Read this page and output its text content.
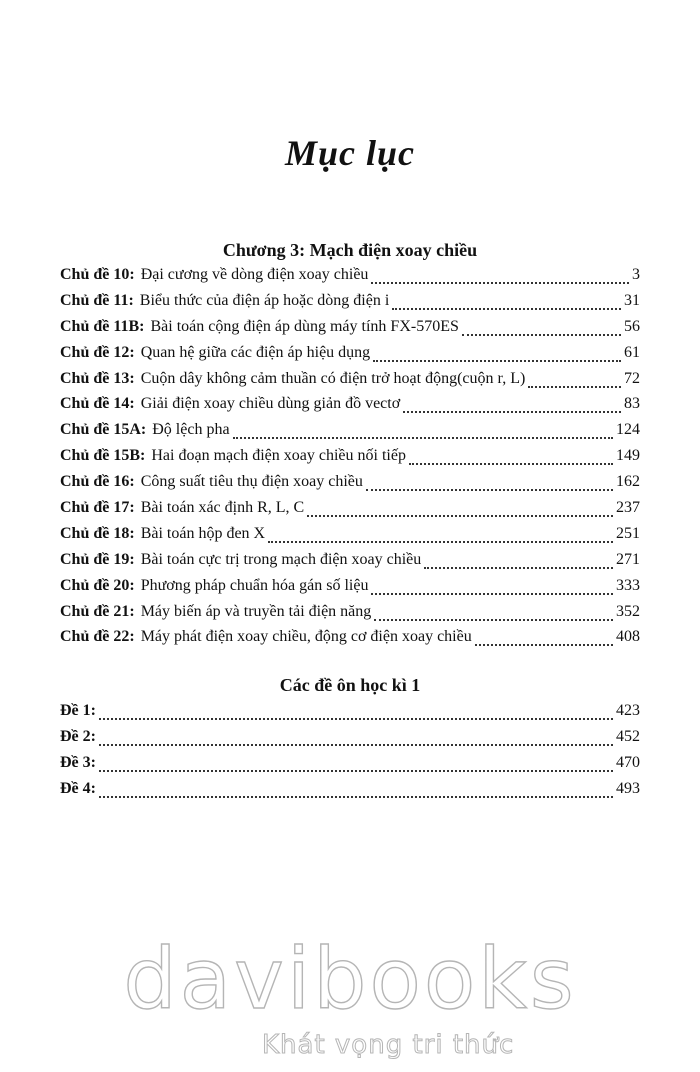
Mục lục
Chương 3: Mạch điện xoay chiều
Chủ đề 10: Đại cương về dòng điện xoay chiều	3
Chủ đề 11: Biểu thức của điện áp hoặc dòng điện i	31
Chủ đề 11B: Bài toán cộng điện áp dùng máy tính FX-570ES	56
Chủ đề 12: Quan hệ giữa các điện áp hiệu dụng	61
Chủ đề 13: Cuộn dây không cảm thuần có điện trở hoạt động(cuộn r, L)	72
Chủ đề 14: Giải điện xoay chiều dùng giản đồ vectơ	83
Chủ đề 15A: Độ lệch pha	124
Chủ đề 15B: Hai đoạn mạch điện xoay chiều nối tiếp	149
Chủ đề 16: Công suất tiêu thụ điện xoay chiều	162
Chủ đề 17: Bài toán xác định R, L, C	237
Chủ đề 18: Bài toán hộp đen X	251
Chủ đề 19: Bài toán cực trị trong mạch điện xoay chiều	271
Chủ đề 20: Phương pháp chuẩn hóa gán số liệu	333
Chủ đề 21: Máy biến áp và truyền tải điện năng	352
Chủ đề 22: Máy phát điện xoay chiều, động cơ điện xoay chiều	408
Các đề ôn học kì 1
Đề 1:	423
Đề 2:	452
Đề 3:	470
Đề 4:	493
davibooks
Khát vọng tri thức
